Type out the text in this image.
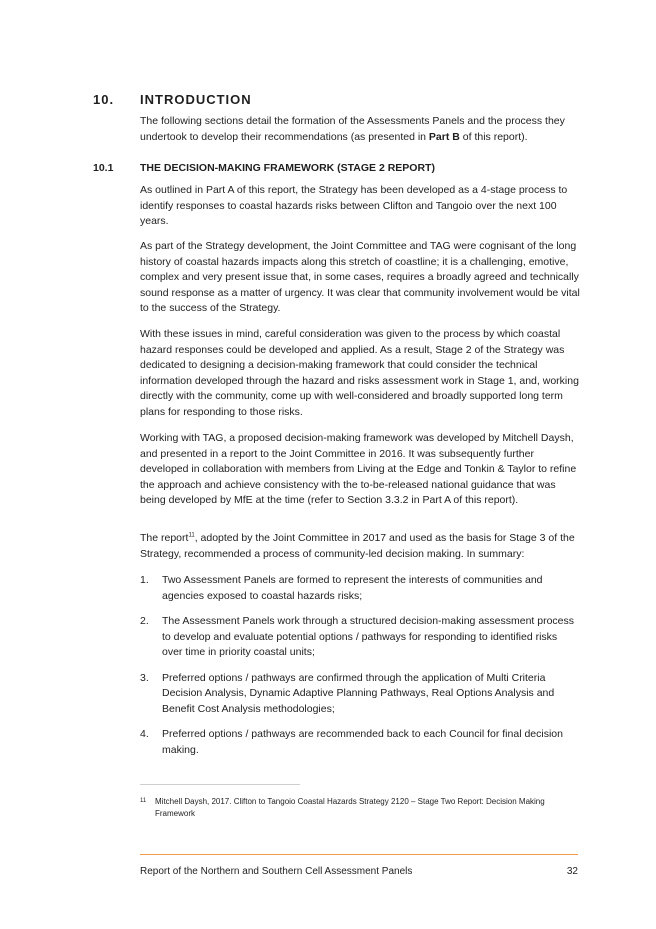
10. INTRODUCTION

The following sections detail the formation of the Assessments Panels and the process they undertook to develop their recommendations (as presented in Part B of this report).

10.1	THE DECISION-MAKING FRAMEWORK (STAGE 2 REPORT)

As outlined in Part A of this report, the Strategy has been developed as a 4-stage process to identify responses to coastal hazards risks between Clifton and Tangoio over the next 100 years.

As part of the Strategy development, the Joint Committee and TAG were cognisant of the long history of coastal hazards impacts along this stretch of coastline; it is a challenging, emotive, complex and very present issue that, in some cases, requires a broadly agreed and technically sound response as a matter of urgency. It was clear that community involvement would be vital to the success of the Strategy.

With these issues in mind, careful consideration was given to the process by which coastal hazard responses could be developed and applied. As a result, Stage 2 of the Strategy was dedicated to designing a decision-making framework that could consider the technical information developed through the hazard and risks assessment work in Stage 1, and, working directly with the community, come up with well-considered and broadly supported long term plans for responding to those risks.

Working with TAG, a proposed decision-making framework was developed by Mitchell Daysh, and presented in a report to the Joint Committee in 2016. It was subsequently further developed in collaboration with members from Living at the Edge and Tonkin & Taylor to refine the approach and achieve consistency with the to-be-released national guidance that was being developed by MfE at the time (refer to Section 3.3.2 in Part A of this report).

The report$^{11}$, adopted by the Joint Committee in 2017 and used as the basis for Stage 3 of the Strategy, recommended a process of community-led decision making. In summary:

1. Two Assessment Panels are formed to represent the interests of communities and agencies exposed to coastal hazards risks;
2. The Assessment Panels work through a structured decision-making assessment process to develop and evaluate potential options / pathways for responding to identified risks over time in priority coastal units;
3. Preferred options / pathways are confirmed through the application of Multi Criteria Decision Analysis, Dynamic Adaptive Planning Pathways, Real Options Analysis and Benefit Cost Analysis methodologies;
4. Preferred options / pathways are recommended back to each Council for final decision making.
11	Mitchell Daysh, 2017. Clifton to Tangoio Coastal Hazards Strategy 2120 – Stage Two Report: Decision Making Framework
Report of the Northern and Southern Cell Assessment Panels	32
